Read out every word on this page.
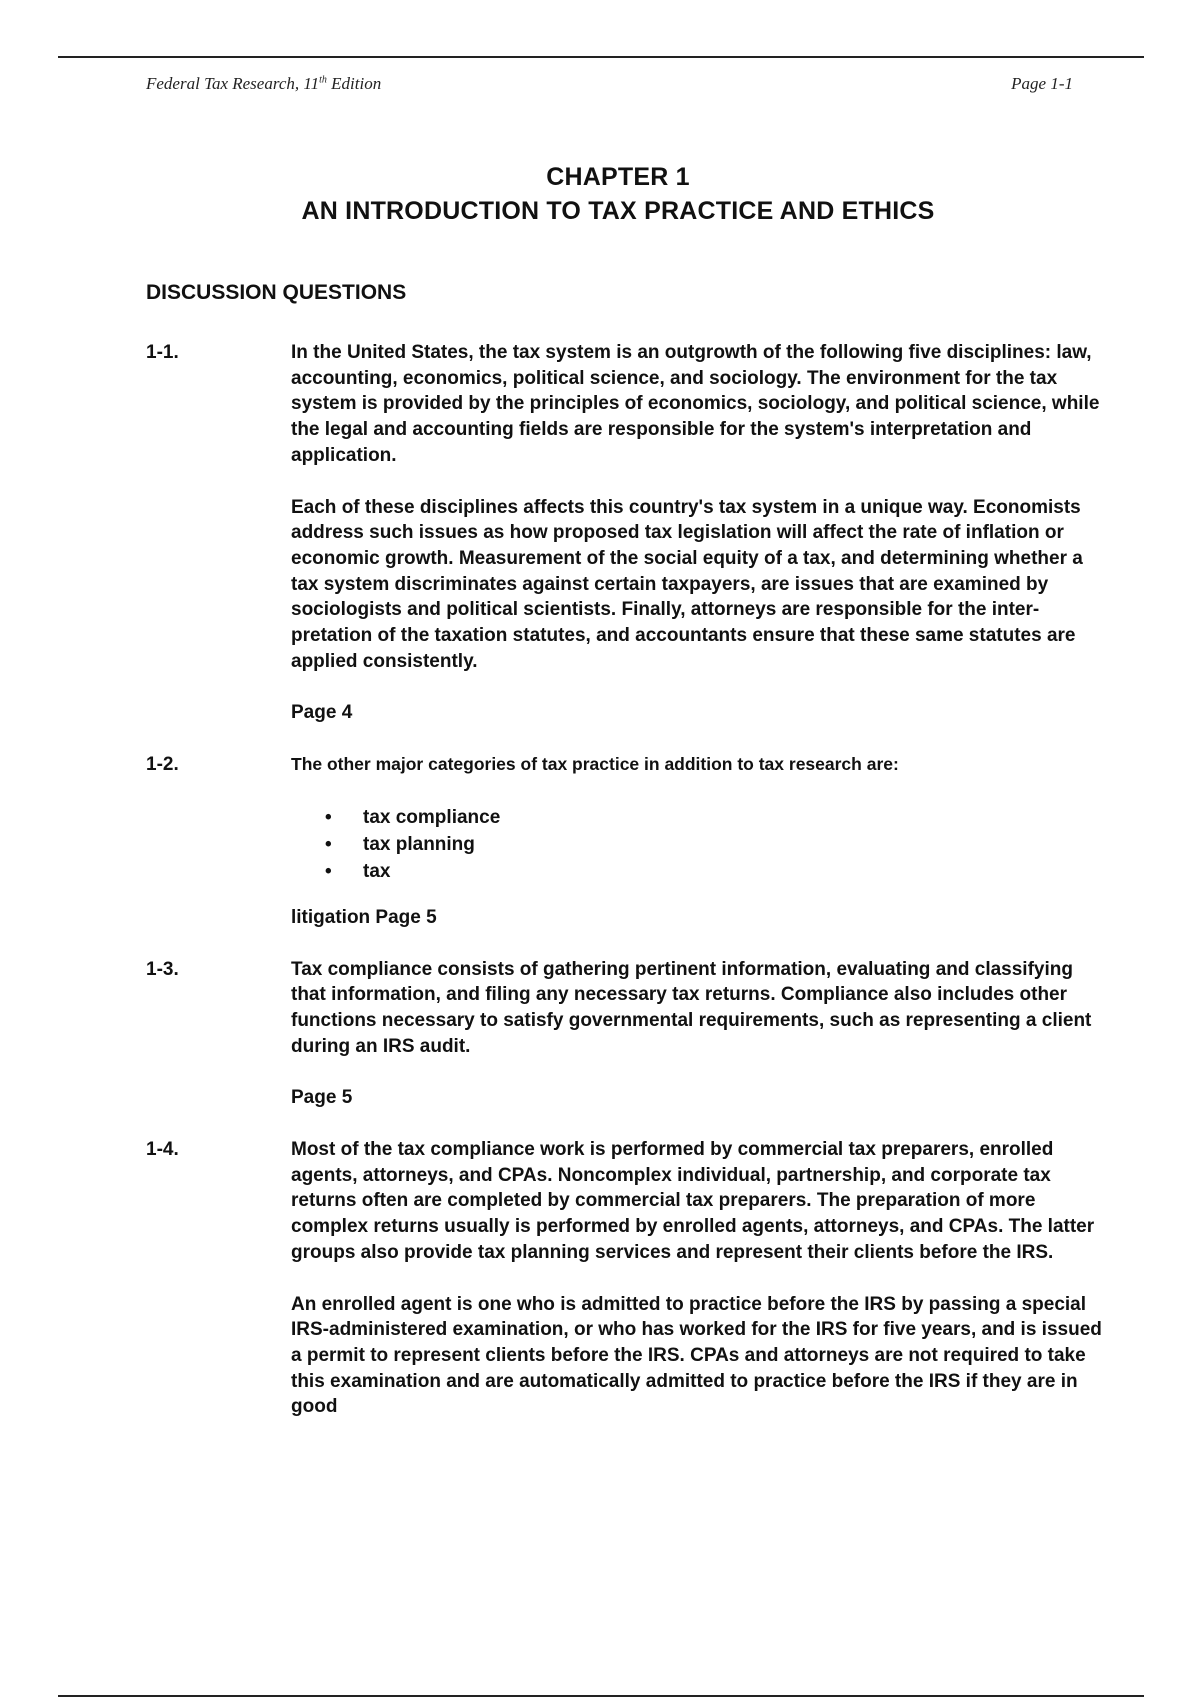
Federal Tax Research, 11th Edition	Page 1-1
CHAPTER 1
AN INTRODUCTION TO TAX PRACTICE AND ETHICS
DISCUSSION QUESTIONS
1-1.	In the United States, the tax system is an outgrowth of the following five disciplines: law, accounting, economics, political science, and sociology. The environment for the tax system is provided by the principles of economics, sociology, and political science, while the legal and accounting fields are responsible for the system's interpretation and application.

Each of these disciplines affects this country's tax system in a unique way. Economists address such issues as how proposed tax legislation will affect the rate of inflation or economic growth. Measurement of the social equity of a tax, and determining whether a tax system discriminates against certain taxpayers, are issues that are examined by sociologists and political scientists. Finally, attorneys are responsible for the inter-pretation of the taxation statutes, and accountants ensure that these same statutes are applied consistently.

Page 4

1-2.	The other major categories of tax practice in addition to tax research are:

• tax compliance
• tax planning
• tax

litigation Page 5

1-3.	Tax compliance consists of gathering pertinent information, evaluating and classifying that information, and filing any necessary tax returns. Compliance also includes other functions necessary to satisfy governmental requirements, such as representing a client during an IRS audit.

Page 5

1-4.	Most of the tax compliance work is performed by commercial tax preparers, enrolled agents, attorneys, and CPAs. Noncomplex individual, partnership, and corporate tax returns often are completed by commercial tax preparers. The preparation of more complex returns usually is performed by enrolled agents, attorneys, and CPAs. The latter groups also provide tax planning services and represent their clients before the IRS.

An enrolled agent is one who is admitted to practice before the IRS by passing a special IRS-administered examination, or who has worked for the IRS for five years, and is issued a permit to represent clients before the IRS. CPAs and attorneys are not required to take this examination and are automatically admitted to practice before the IRS if they are in good
